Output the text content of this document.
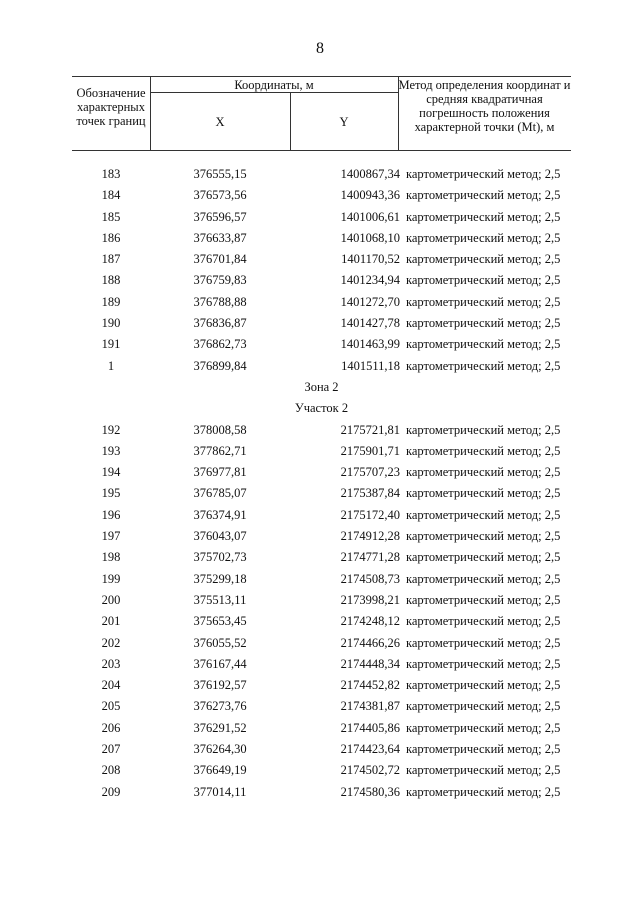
8
Обозначение характерных точек границ
Координаты, м
X	Y
Метод определения координат и средняя квадратичная погрешность положения характерной точки (Mt), м
183	376555,15	1400867,34 картометрический метод; 2,5
184	376573,56	1400943,36 картометрический метод; 2,5
185	376596,57	1401006,61 картометрический метод; 2,5
186	376633,87	1401068,10 картометрический метод; 2,5
187	376701,84	1401170,52 картометрический метод; 2,5
188	376759,83	1401234,94 картометрический метод; 2,5
189	376788,88	1401272,70 картометрический метод; 2,5
190	376836,87	1401427,78 картометрический метод; 2,5
191	376862,73	1401463,99 картометрический метод; 2,5
1	376899,84	1401511,18 картометрический метод; 2,5
Зона 2
Участок 2
192	378008,58	2175721,81 картометрический метод; 2,5
193	377862,71	2175901,71 картометрический метод; 2,5
194	376977,81	2175707,23 картометрический метод; 2,5
195	376785,07	2175387,84 картометрический метод; 2,5
196	376374,91	2175172,40 картометрический метод; 2,5
197	376043,07	2174912,28 картометрический метод; 2,5
198	375702,73	2174771,28 картометрический метод; 2,5
199	375299,18	2174508,73 картометрический метод; 2,5
200	375513,11	2173998,21 картометрический метод; 2,5
201	375653,45	2174248,12 картометрический метод; 2,5
202	376055,52	2174466,26 картометрический метод; 2,5
203	376167,44	2174448,34 картометрический метод; 2,5
204	376192,57	2174452,82 картометрический метод; 2,5
205	376273,76	2174381,87 картометрический метод; 2,5
206	376291,52	2174405,86 картометрический метод; 2,5
207	376264,30	2174423,64 картометрический метод; 2,5
208	376649,19	2174502,72 картометрический метод; 2,5
209	377014,11	2174580,36 картометрический метод; 2,5
